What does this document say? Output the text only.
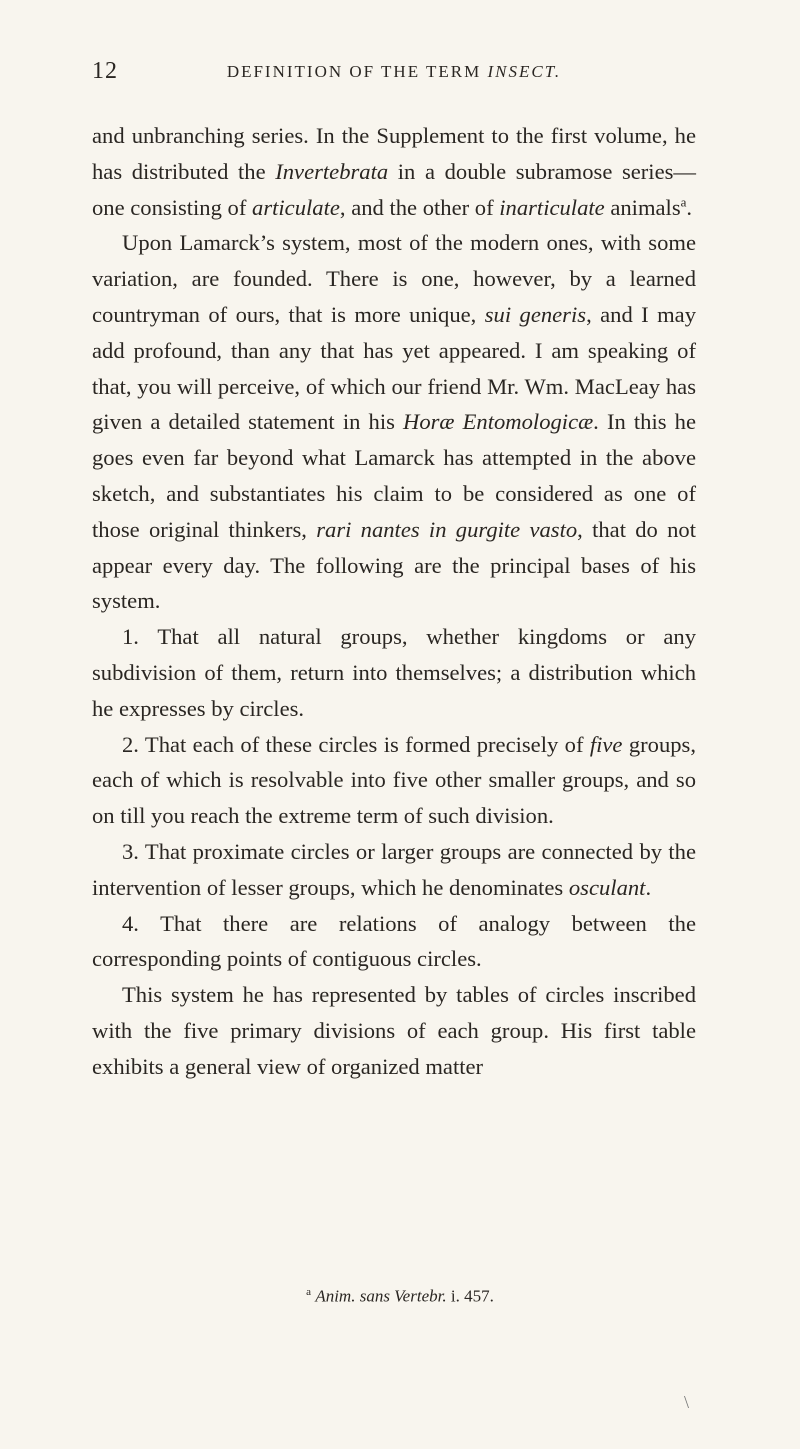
12	DEFINITION OF THE TERM INSECT.

and unbranching series. In the Supplement to the first volume, he has distributed the Invertebrata in a double subramose series—one consisting of articulate, and the other of inarticulate animals$^a$.

Upon Lamarck’s system, most of the modern ones, with some variation, are founded. There is one, however, by a learned countryman of ours, that is more unique, sui generis, and I may add profound, than any that has yet appeared. I am speaking of that, you will perceive, of which our friend Mr. Wm. MacLeay has given a detailed statement in his Horæ Entomologicæ. In this he goes even far beyond what Lamarck has attempted in the above sketch, and substantiates his claim to be considered as one of those original thinkers, rari nantes in gurgite vasto, that do not appear every day. The following are the principal bases of his system.

1. That all natural groups, whether kingdoms or any subdivision of them, return into themselves; a distribution which he expresses by circles.

2. That each of these circles is formed precisely of five groups, each of which is resolvable into five other smaller groups, and so on till you reach the extreme term of such division.

3. That proximate circles or larger groups are connected by the intervention of lesser groups, which he denominates osculant.

4. That there are relations of analogy between the corresponding points of contiguous circles.

This system he has represented by tables of circles inscribed with the five primary divisions of each group. His first table exhibits a general view of organized matter

$^a$ Anim. sans Vertebr. i. 457.
\
